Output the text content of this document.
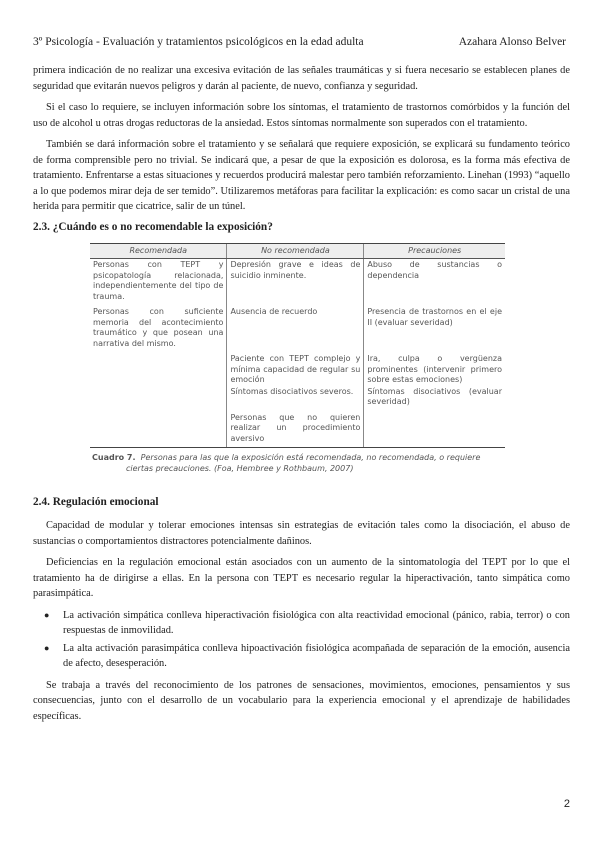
3º Psicología - Evaluación y tratamientos psicológicos en la edad adulta	Azahara Alonso Belver

primera indicación de no realizar una excesiva evitación de las señales traumáticas y si fuera necesario se establecen planes de seguridad que evitarán nuevos peligros y darán al paciente, de nuevo, confianza y seguridad.

Si el caso lo requiere, se incluyen información sobre los síntomas, el tratamiento de trastornos comórbidos y la función del uso de alcohol u otras drogas reductoras de la ansiedad. Estos síntomas normalmente son superados con el tratamiento.

También se dará información sobre el tratamiento y se señalará que requiere exposición, se explicará su fundamento teórico de forma comprensible pero no trivial. Se indicará que, a pesar de que la exposición es dolorosa, es la forma más efectiva de tratamiento. Enfrentarse a estas situaciones y recuerdos producirá malestar pero también reforzamiento. Linehan (1993) “aquello a lo que podemos mirar deja de ser temido”. Utilizaremos metáforas para facilitar la explicación: es como sacar un cristal de una herida para permitir que cicatrice, salir de un túnel.

2.3. ¿Cuándo es o no recomendable la exposición?
Recomendada	No recomendada	Precauciones
Personas con TEPT y psicopatología relacionada, independientemente del tipo de trauma.	Depresión grave e ideas de suicidio inminente.	Abuso de sustancias o dependencia
Personas con suficiente memoria del acontecimiento traumático y que posean una narrativa del mismo.	Ausencia de recuerdo	Presencia de trastornos en el eje II (evaluar severidad)
	Paciente con TEPT complejo y mínima capacidad de regular su emoción	Ira, culpa o vergüenza prominentes (intervenir primero sobre estas emociones)
	Síntomas disociativos severos.	Síntomas disociativos (evaluar severidad)
	Personas que no quieren realizar un procedimiento aversivo	
Cuadro 7. Personas para las que la exposición está recomendada, no recomendada, o requiere ciertas precauciones. (Foa, Hembree y Rothbaum, 2007)
2.4. Regulación emocional

Capacidad de modular y tolerar emociones intensas sin estrategias de evitación tales como la disociación, el abuso de sustancias o comportamientos distractores potencialmente dañinos.

Deficiencias en la regulación emocional están asociados con un aumento de la sintomatología del TEPT por lo que el tratamiento ha de dirigirse a ellas. En la persona con TEPT es necesario regular la hiperactivación, tanto simpática como parasimpática.

● La activación simpática conlleva hiperactivación fisiológica con alta reactividad emocional (pánico, rabia, terror) o con respuestas de inmovilidad.
● La alta activación parasimpática conlleva hipoactivación fisiológica acompañada de separación de la emoción, ausencia de afecto, desesperación.

Se trabaja a través del reconocimiento de los patrones de sensaciones, movimientos, emociones, pensamientos y sus consecuencias, junto con el desarrollo de un vocabulario para la experiencia emocional y el aprendizaje de habilidades específicas.

2
